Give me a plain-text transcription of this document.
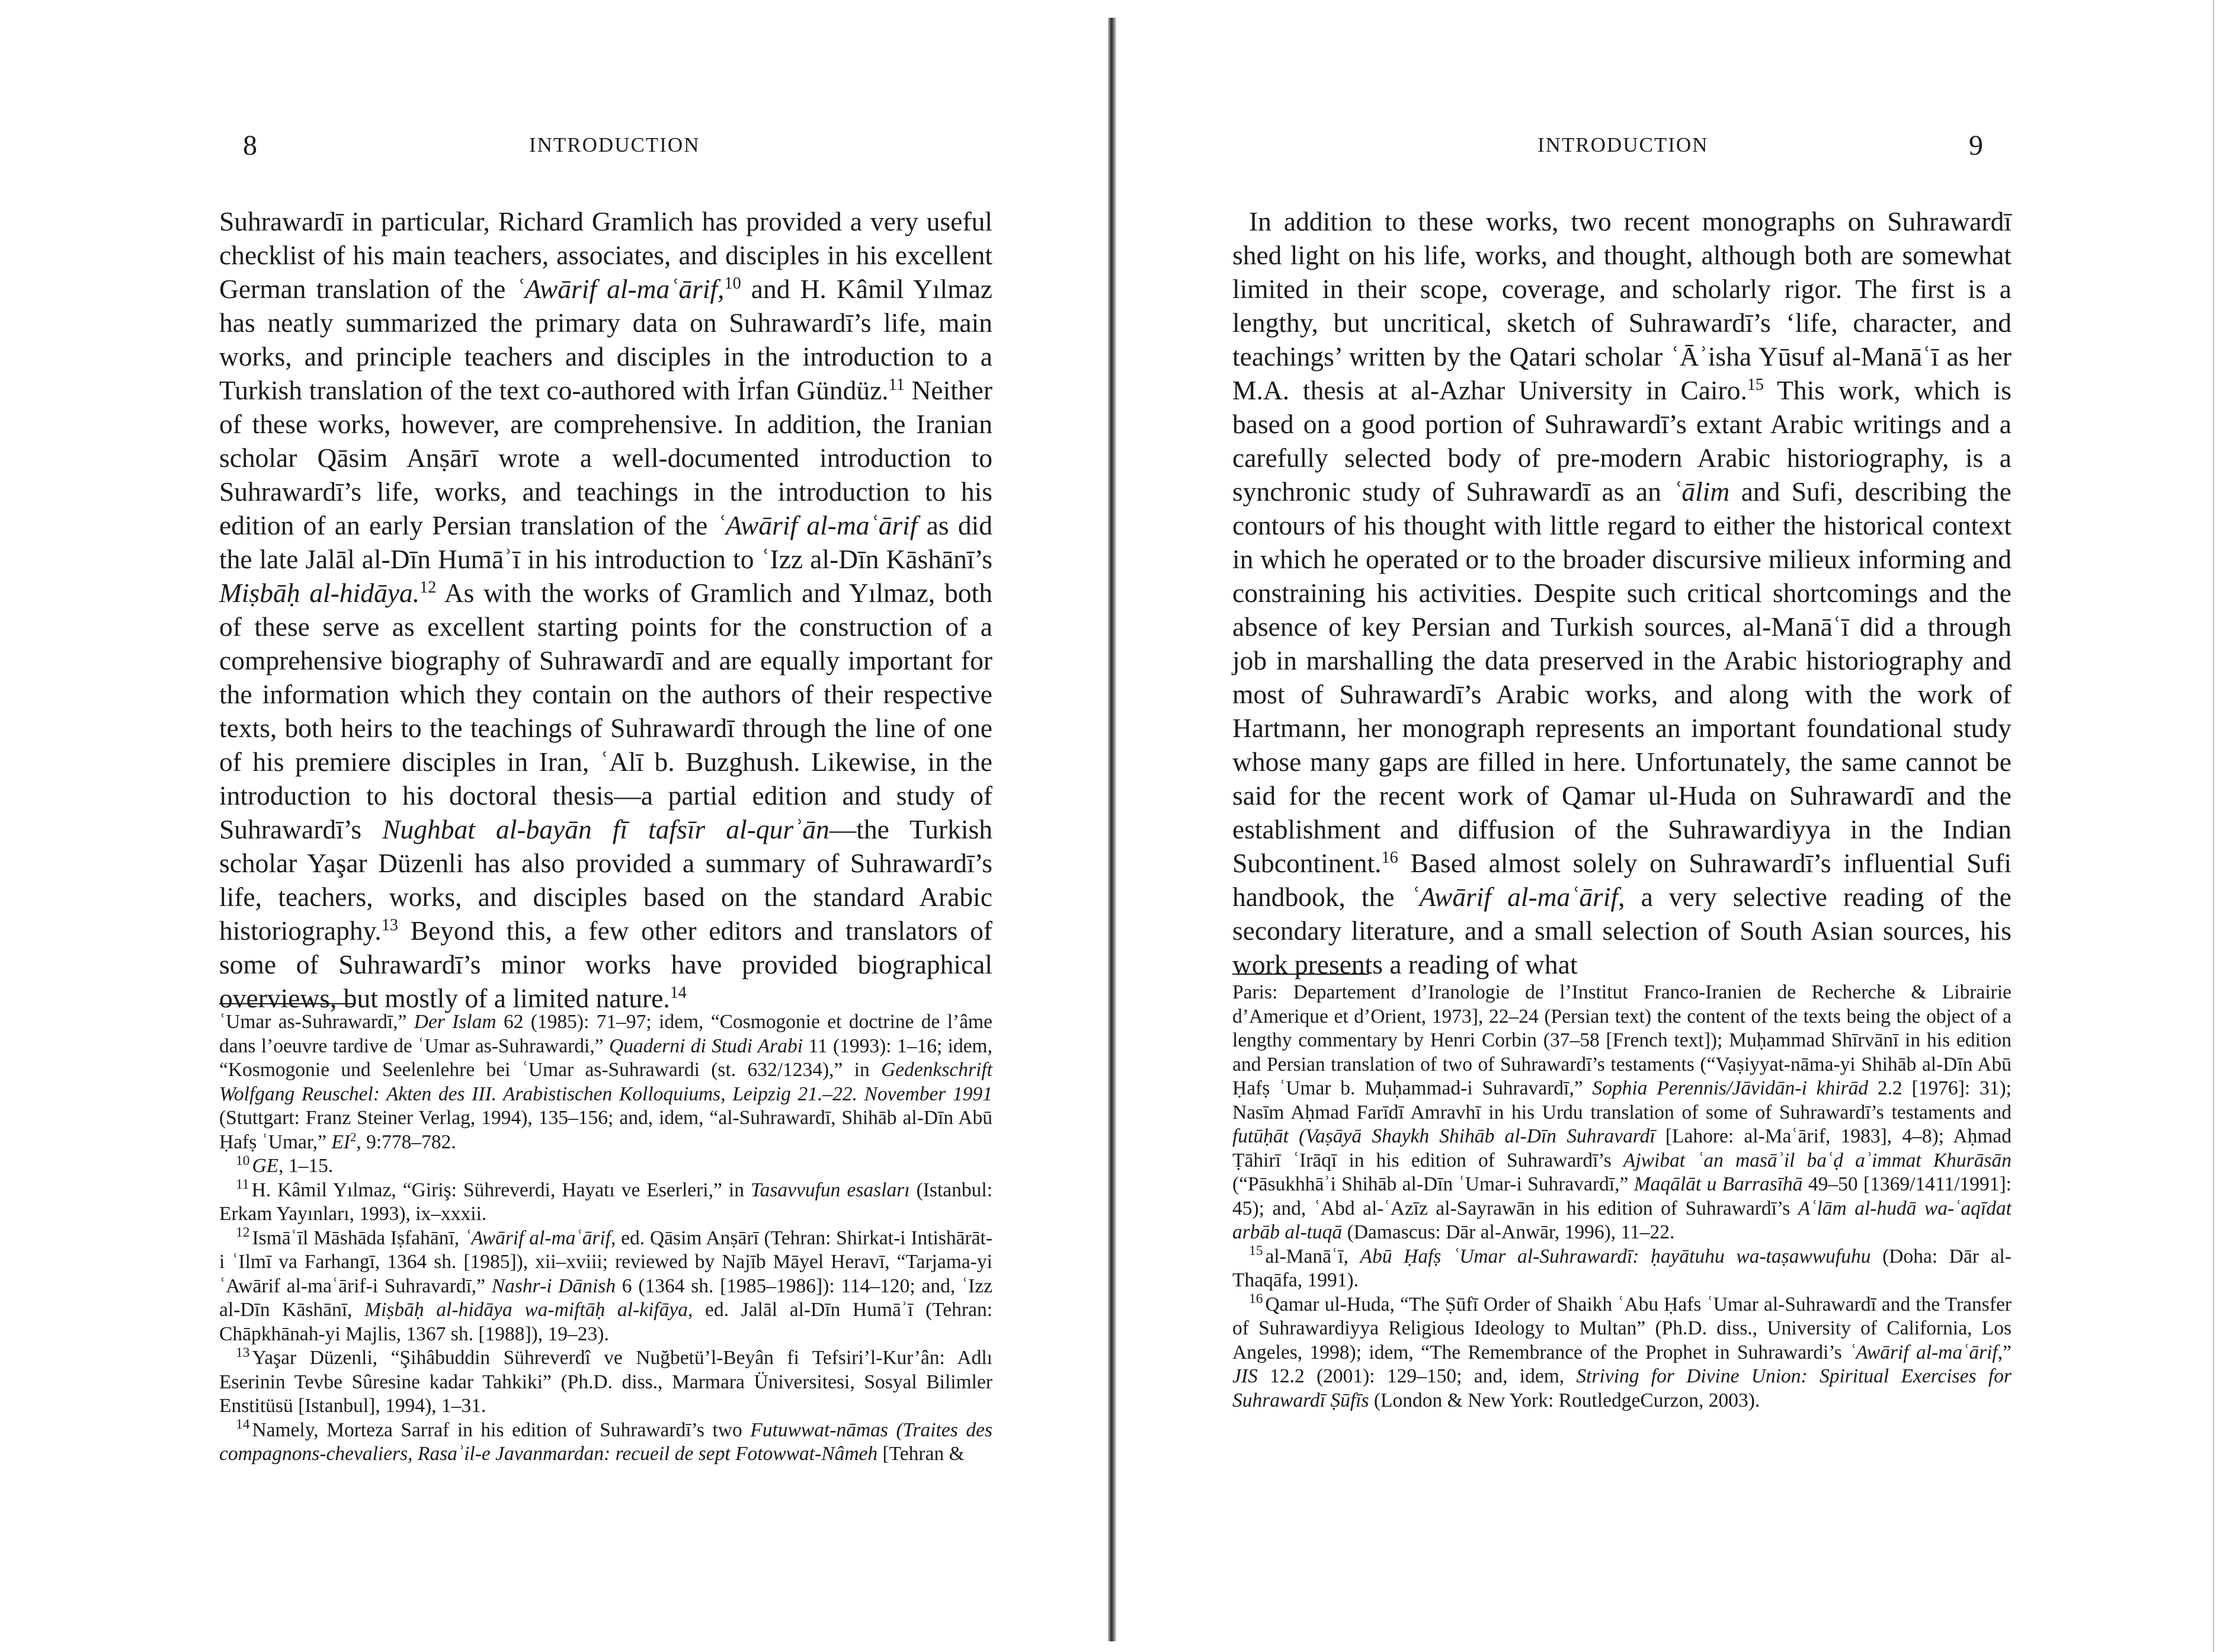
8	INTRODUCTION

Suhrawardī in particular, Richard Gramlich has provided a very useful checklist of his main teachers, associates, and disciples in his excellent German translation of the ʿAwārif al-maʿārif,$^{10}$ and H. Kâmil Yılmaz has neatly summarized the primary data on Suhrawardī’s life, main works, and principle teachers and disciples in the introduction to a Turkish translation of the text co-authored with İrfan Gündüz.$^{11}$ Neither of these works, however, are comprehensive. In addition, the Iranian scholar Qāsim Anṣārī wrote a well-documented introduction to Suhrawardī’s life, works, and teachings in the introduction to his edition of an early Persian translation of the ʿAwārif al-maʿārif as did the late Jalāl al-Dīn Humāʾī in his introduction to ʿIzz al-Dīn Kāshānī’s Miṣbāḥ al-hidāya.$^{12}$ As with the works of Gramlich and Yılmaz, both of these serve as excellent starting points for the construction of a comprehensive biography of Suhrawardī and are equally important for the information which they contain on the authors of their respective texts, both heirs to the teachings of Suhrawardī through the line of one of his premiere disciples in Iran, ʿAlī b. Buzghush. Likewise, in the introduction to his doctoral thesis—a partial edition and study of Suhrawardī’s Nughbat al-bayān fī tafsīr al-qurʾān—the Turkish scholar Yaşar Düzenli has also provided a summary of Suhrawardī’s life, teachers, works, and disciples based on the standard Arabic historiography.$^{13}$ Beyond this, a few other editors and translators of some of Suhrawardī’s minor works have provided biographical overviews, but mostly of a limited nature.$^{14}$

ʿUmar as-Suhrawardī,” Der Islam 62 (1985): 71–97; idem, “Cosmogonie et doctrine de l’âme dans l’oeuvre tardive de ʿUmar as-Suhrawardi,” Quaderni di Studi Arabi 11 (1993): 1–16; idem, “Kosmogonie und Seelenlehre bei ʿUmar as-Suhrawardi (st. 632/1234),” in Gedenkschrift Wolfgang Reuschel: Akten des III. Arabistischen Kolloquiums, Leipzig 21.–22. November 1991 (Stuttgart: Franz Steiner Verlag, 1994), 135–156; and, idem, “al-Suhrawardī, Shihāb al-Dīn Abū Ḥafṣ ʿUmar,” $EI^2$, 9:778–782.

$^{10}$ GE, 1–15.

$^{11}$ H. Kâmil Yılmaz, “Giriş: Sühreverdi, Hayatı ve Eserleri,” in Tasavvufun esasları (Istanbul: Erkam Yayınları, 1993), ix–xxxii.

$^{12}$ Ismāʿīl Māshāda Iṣfahānī, ʿAwārif al-maʿārif, ed. Qāsim Anṣārī (Tehran: Shirkat-i Intishārāt-i ʿIlmī va Farhangī, 1364 sh. [1985]), xii–xviii; reviewed by Najīb Māyel Heravī, “Tarjama-yi ʿAwārif al-maʿārif-i Suhravardī,” Nashr-i Dānish 6 (1364 sh. [1985–1986]): 114–120; and, ʿIzz al-Dīn Kāshānī, Miṣbāḥ al-hidāya wa-miftāḥ al-kifāya, ed. Jalāl al-Dīn Humāʾī (Tehran: Chāpkhānah-yi Majlis, 1367 sh. [1988]), 19–23).

$^{13}$ Yaşar Düzenli, “Şihâbuddin Sühreverdî ve Nuğbetü’l-Beyân fi Tefsiri’l-Kur’ân: Adlı Eserinin Tevbe Sûresine kadar Tahkiki” (Ph.D. diss., Marmara Üniversitesi, Sosyal Bilimler Enstitüsü [Istanbul], 1994), 1–31.

$^{14}$ Namely, Morteza Sarraf in his edition of Suhrawardī’s two Futuwwat-nāmas (Traites des compagnons-chevaliers, Rasaʾil-e Javanmardan: recueil de sept Fotowwat-Nâmeh [Tehran &

INTRODUCTION	9

In addition to these works, two recent monographs on Suhrawardī shed light on his life, works, and thought, although both are somewhat limited in their scope, coverage, and scholarly rigor. The first is a lengthy, but uncritical, sketch of Suhrawardī’s ‘life, character, and teachings’ written by the Qatari scholar ʿĀʾisha Yūsuf al-Manāʿī as her M.A. thesis at al-Azhar University in Cairo.$^{15}$ This work, which is based on a good portion of Suhrawardī’s extant Arabic writings and a carefully selected body of pre-modern Arabic historiography, is a synchronic study of Suhrawardī as an ʿālim and Sufi, describing the contours of his thought with little regard to either the historical context in which he operated or to the broader discursive milieux informing and constraining his activities. Despite such critical shortcomings and the absence of key Persian and Turkish sources, al-Manāʿī did a through job in marshalling the data preserved in the Arabic historiography and most of Suhrawardī’s Arabic works, and along with the work of Hartmann, her monograph represents an important foundational study whose many gaps are filled in here. Unfortunately, the same cannot be said for the recent work of Qamar ul-Huda on Suhrawardī and the establishment and diffusion of the Suhrawardiyya in the Indian Subcontinent.$^{16}$ Based almost solely on Suhrawardī’s influential Sufi handbook, the ʿAwārif al-maʿārif, a very selective reading of the secondary literature, and a small selection of South Asian sources, his work presents a reading of what

Paris: Departement d’Iranologie de l’Institut Franco-Iranien de Recherche & Librairie d’Amerique et d’Orient, 1973], 22–24 (Persian text) the content of the texts being the object of a lengthy commentary by Henri Corbin (37–58 [French text]); Muḥammad Shīrvānī in his edition and Persian translation of two of Suhrawardī’s testaments (“Vaṣiyyat-nāma-yi Shihāb al-Dīn Abū Ḥafṣ ʿUmar b. Muḥammad-i Suhravardī,” Sophia Perennis/Jāvidān-i khirād 2.2 [1976]: 31); Nasīm Aḥmad Farīdī Amravhī in his Urdu translation of some of Suhrawardī’s testaments and futūḥāt (Vaṣāyā Shaykh Shihāb al-Dīn Suhravardī [Lahore: al-Maʿārif, 1983], 4–8); Aḥmad Ṭāhirī ʿIrāqī in his edition of Suhrawardī’s Ajwibat ʿan masāʾil baʿḍ aʾimmat Khurāsān (“Pāsukhhāʾi Shihāb al-Dīn ʿUmar-i Suhravardī,” Maqālāt u Barrasīhā 49–50 [1369/1411/1991]: 45); and, ʿAbd al-ʿAzīz al-Sayrawān in his edition of Suhrawardī’s Aʿlām al-hudā wa-ʿaqīdat arbāb al-tuqā (Damascus: Dār al-Anwār, 1996), 11–22.

$^{15}$ al-Manāʿī, Abū Ḥafṣ ʿUmar al-Suhrawardī: ḥayātuhu wa-taṣawwufuhu (Doha: Dār al-Thaqāfa, 1991).

$^{16}$ Qamar ul-Huda, “The Ṣūfī Order of Shaikh ʿAbu Ḥafs ʿUmar al-Suhrawardī and the Transfer of Suhrawardiyya Religious Ideology to Multan” (Ph.D. diss., University of California, Los Angeles, 1998); idem, “The Remembrance of the Prophet in Suhrawardi’s ʿAwārif al-maʿārif,” JIS 12.2 (2001): 129–150; and, idem, Striving for Divine Union: Spiritual Exercises for Suhrawardī Ṣūfīs (London & New York: RoutledgeCurzon, 2003).
